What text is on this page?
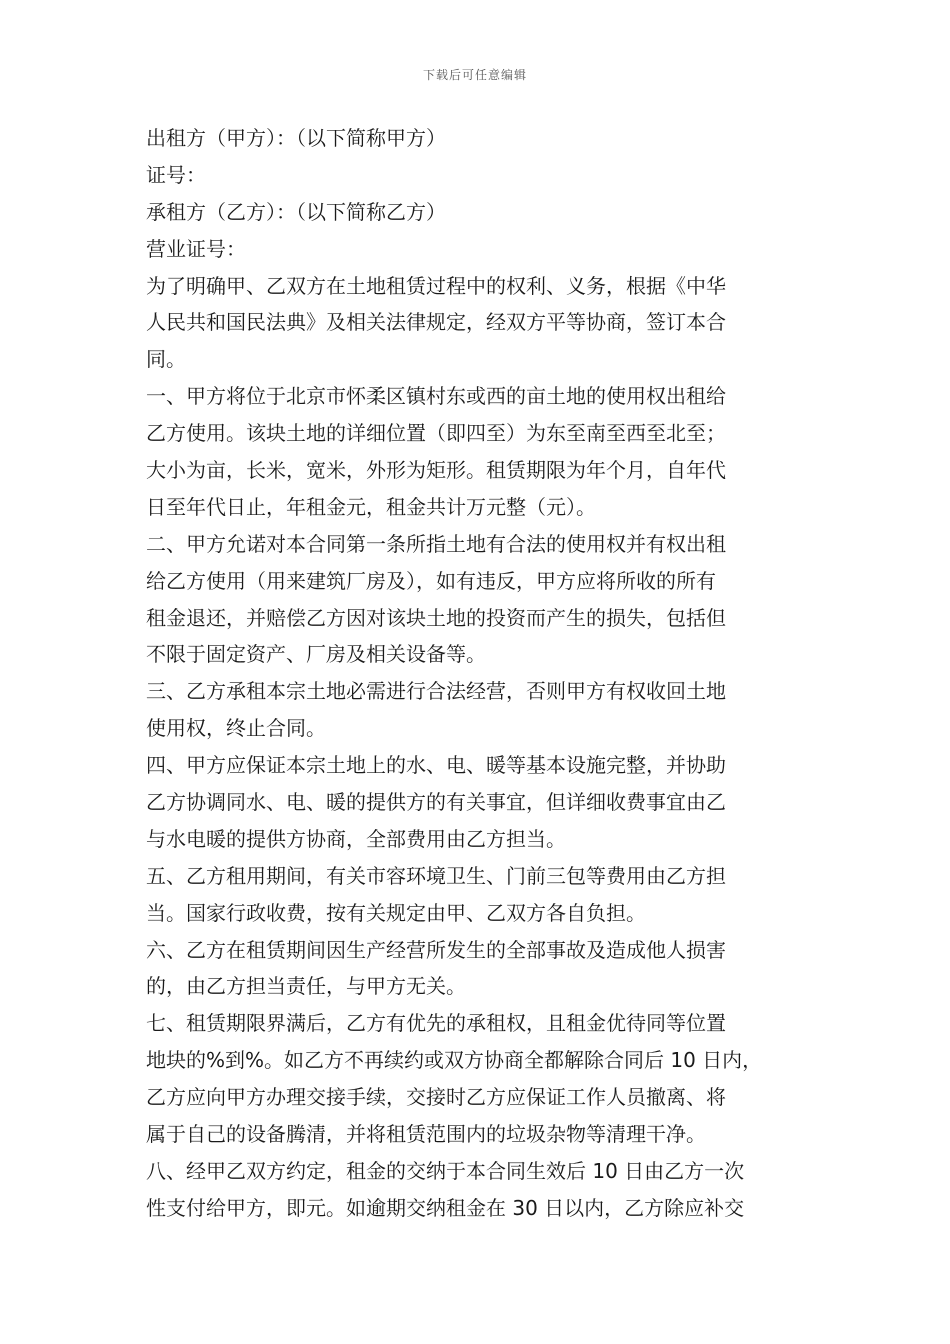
下载后可任意编辑
出租方（甲方）：（以下简称甲方）
证号：
承租方（乙方）：（以下简称乙方）
营业证号：
为了明确甲、乙双方在土地租赁过程中的权利、义务，根据《中华
人民共和国民法典》及相关法律规定，经双方平等协商，签订本合
同。
一、甲方将位于北京市怀柔区镇村东或西的亩土地的使用权出租给
乙方使用。该块土地的详细位置（即四至）为东至南至西至北至；
大小为亩，长米，宽米，外形为矩形。租赁期限为年个月，自年代
日至年代日止，年租金元，租金共计万元整（元）。
二、甲方允诺对本合同第一条所指土地有合法的使用权并有权出租
给乙方使用（用来建筑厂房及），如有违反，甲方应将所收的所有
租金退还，并赔偿乙方因对该块土地的投资而产生的损失，包括但
不限于固定资产、厂房及相关设备等。
三、乙方承租本宗土地必需进行合法经营，否则甲方有权收回土地
使用权，终止合同。
四、甲方应保证本宗土地上的水、电、暖等基本设施完整，并协助
乙方协调同水、电、暖的提供方的有关事宜，但详细收费事宜由乙
与水电暖的提供方协商，全部费用由乙方担当。
五、乙方租用期间，有关市容环境卫生、门前三包等费用由乙方担
当。国家行政收费，按有关规定由甲、乙双方各自负担。
六、乙方在租赁期间因生产经营所发生的全部事故及造成他人损害
的，由乙方担当责任，与甲方无关。
七、租赁期限界满后，乙方有优先的承租权，且租金优待同等位置
地块的%到%。如乙方不再续约或双方协商全都解除合同后 10 日内，
乙方应向甲方办理交接手续，交接时乙方应保证工作人员撤离、将
属于自己的设备腾清，并将租赁范围内的垃圾杂物等清理干净。
八、经甲乙双方约定，租金的交纳于本合同生效后 10 日由乙方一次
性支付给甲方，即元。如逾期交纳租金在 30 日以内，乙方除应补交
